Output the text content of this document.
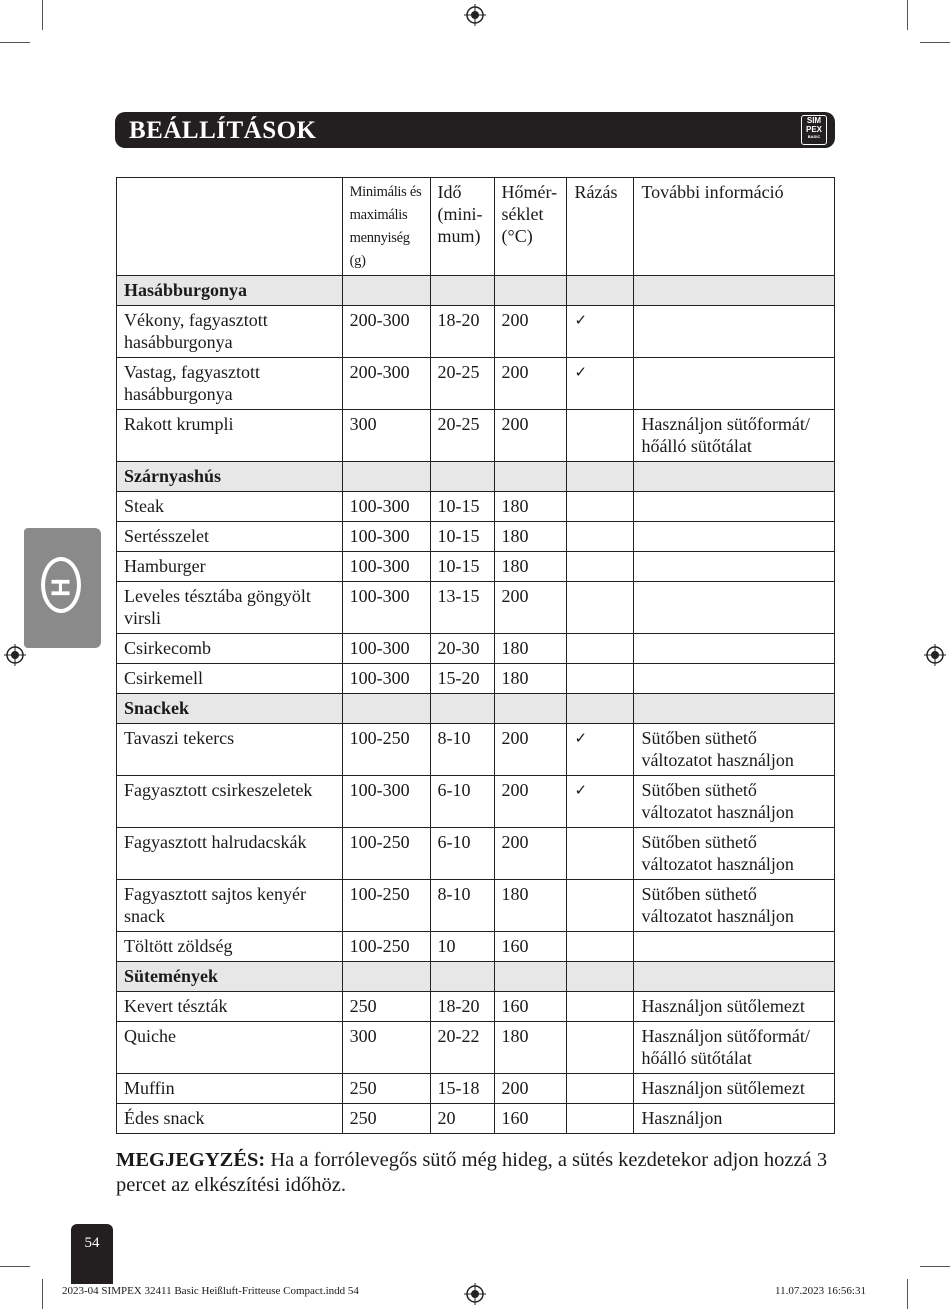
BEÁLLÍTÁSOK	SIM
PEX
BASIC
H
	Minimális és maximális mennyiség (g)	Idő (mini-mum)	Hőmér-séklet (°C)	Rázás	További információ
Hasábburgonya					
Vékony, fagyasztott hasábburgonya	200-300	18-20	200	✓	
Vastag, fagyasztott hasábburgonya	200-300	20-25	200	✓	
Rakott krumpli	300	20-25	200		Használjon sütőformát/ hőálló sütőtálat
Szárnyashús					
Steak	100-300	10-15	180		
Sertésszelet	100-300	10-15	180		
Hamburger	100-300	10-15	180		
Leveles tésztába göngyölt virsli	100-300	13-15	200		
Csirkecomb	100-300	20-30	180		
Csirkemell	100-300	15-20	180		
Snackek					
Tavaszi tekercs	100-250	8-10	200	✓	Sütőben süthető változatot használjon
Fagyasztott csirkeszeletek	100-300	6-10	200	✓	Sütőben süthető változatot használjon
Fagyasztott halrudacskák	100-250	6-10	200		Sütőben süthető változatot használjon
Fagyasztott sajtos kenyér snack	100-250	8-10	180		Sütőben süthető változatot használjon
Töltött zöldség	100-250	10	160		
Sütemények					
Kevert tészták	250	18-20	160		Használjon sütőlemezt
Quiche	300	20-22	180		Használjon sütőformát/ hőálló sütőtálat
Muffin	250	15-18	200		Használjon sütőlemezt
Édes snack	250	20	160		Használjon
MEGJEGYZÉS: Ha a forrólevegős sütő még hideg, a sütés kezdetekor adjon hozzá 3 percet az elkészítési időhöz.
54
2023-04 SIMPEX 32411 Basic Heißluft-Fritteuse Compact.indd 54	11.07.2023 16:56:31
